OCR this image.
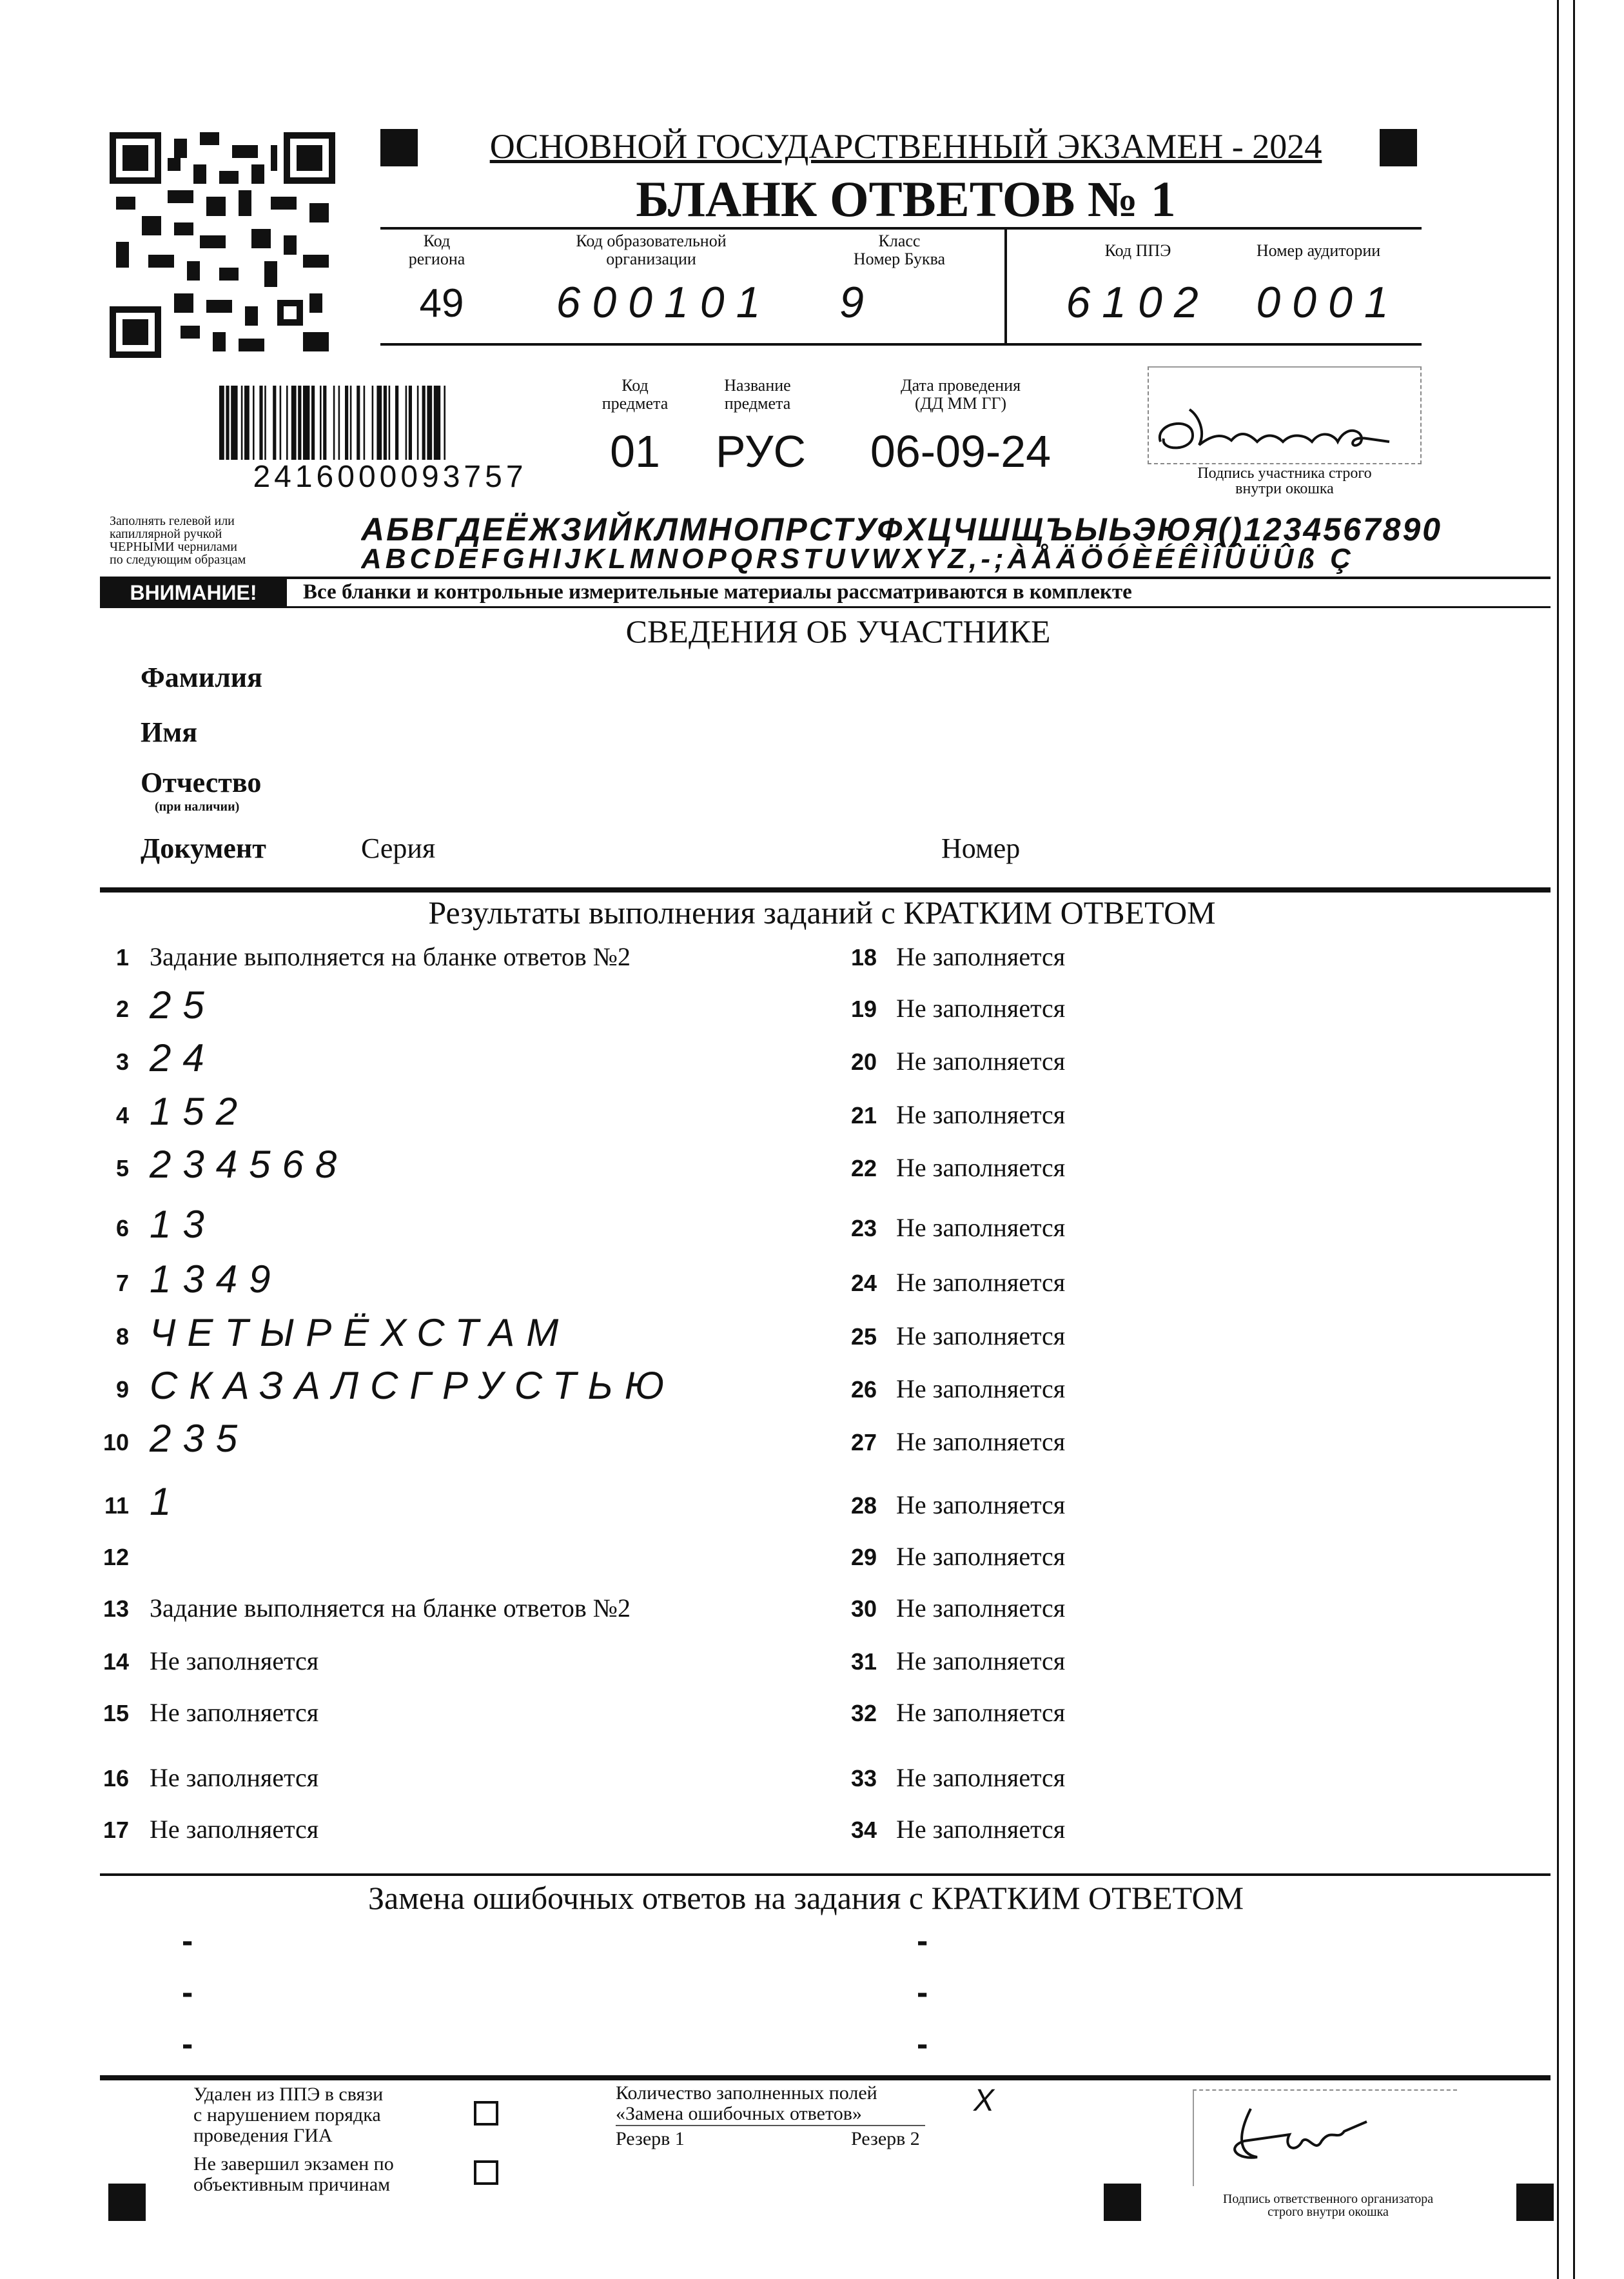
ОСНОВНОЙ ГОСУДАРСТВЕННЫЙ ЭКЗАМЕН - 2024
БЛАНК ОТВЕТОВ № 1
Код
региона
Код образовательной
организации
Класс
Номер Буква	Код ППЭ	Номер аудитории
49	600101	9	6102	0001
2416000093757
Код
предмета
Название
предмета
Дата проведения
(ДД ММ ГГ)
01	РУС	06-09-24	Подпись участника строго
внутри окошка
Заполнять гелевой или
капиллярной ручкой
ЧЕРНЫМИ чернилами
по следующим образцам
АБВГДЕЁЖЗИЙКЛМНОПРСТУФХЦЧШЩЪЫЬЭЮЯ()1234567890
ABCDEFGHIJKLMNOPQRSTUVWXYZ,-;ÀÅÄÖÓÈÉÊÌÎÛÜÛß Ç
ВНИМАНИЕ!	Все бланки и контрольные измерительные материалы рассматриваются в комплекте
СВЕДЕНИЯ ОБ УЧАСТНИКЕ
Фамилия
Имя
Отчество
(при наличии)
Документ	Серия	Номер
Результаты выполнения заданий с КРАТКИМ ОТВЕТОМ
1 Задание выполняется на бланке ответов №2
2 25
3 24
4 152
5 234568
6 13
7 1349
8 ЧЕТЫРЁХСТАМ
9 СКАЗАЛСГРУСТЬЮ
10 235
11 1
12
13 Задание выполняется на бланке ответов №2
14 Не заполняется
15 Не заполняется
16 Не заполняется
17 Не заполняется
18 Не заполняется
19 Не заполняется
20 Не заполняется
21 Не заполняется
22 Не заполняется
23 Не заполняется
24 Не заполняется
25 Не заполняется
26 Не заполняется
27 Не заполняется
28 Не заполняется
29 Не заполняется
30 Не заполняется
31 Не заполняется
32 Не заполняется
33 Не заполняется
34 Не заполняется
Замена ошибочных ответов на задания с КРАТКИМ ОТВЕТОМ
-
-
-
-
-
-
Удален из ППЭ в связи
с нарушением порядка
проведения ГИА
Не завершил экзамен по
объективным причинам
Количество заполненных полей
«Замена ошибочных ответов»	X
Резерв 1	Резерв 2
Подпись ответственного организатора
строго внутри окошка
